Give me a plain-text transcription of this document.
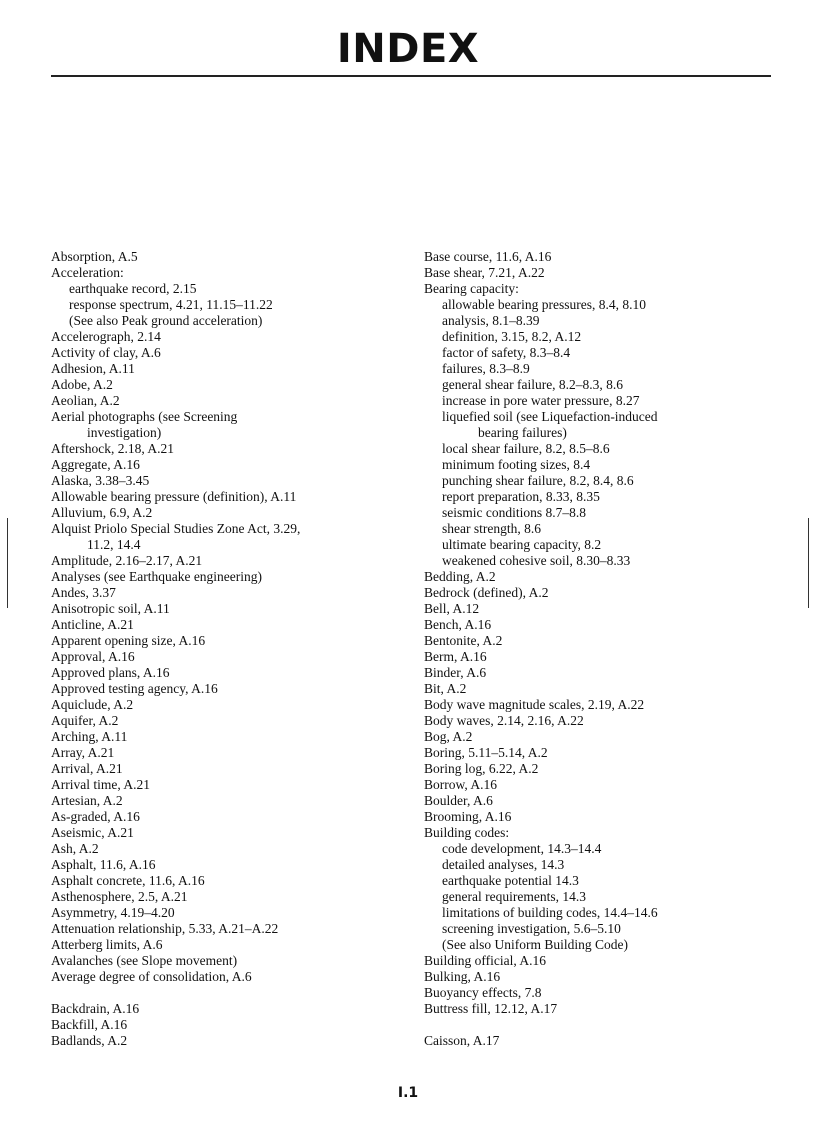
INDEX
Absorption, A.5
Acceleration:
earthquake record, 2.15
response spectrum, 4.21, 11.15–11.22
(See also Peak ground acceleration)
Accelerograph, 2.14
Activity of clay, A.6
Adhesion, A.11
Adobe, A.2
Aeolian, A.2
Aerial photographs (see Screening
investigation)
Aftershock, 2.18, A.21
Aggregate, A.16
Alaska, 3.38–3.45
Allowable bearing pressure (definition), A.11
Alluvium, 6.9, A.2
Alquist Priolo Special Studies Zone Act, 3.29,
11.2, 14.4
Amplitude, 2.16–2.17, A.21
Analyses (see Earthquake engineering)
Andes, 3.37
Anisotropic soil, A.11
Anticline, A.21
Apparent opening size, A.16
Approval, A.16
Approved plans, A.16
Approved testing agency, A.16
Aquiclude, A.2
Aquifer, A.2
Arching, A.11
Array, A.21
Arrival, A.21
Arrival time, A.21
Artesian, A.2
As-graded, A.16
Aseismic, A.21
Ash, A.2
Asphalt, 11.6, A.16
Asphalt concrete, 11.6, A.16
Asthenosphere, 2.5, A.21
Asymmetry, 4.19–4.20
Attenuation relationship, 5.33, A.21–A.22
Atterberg limits, A.6
Avalanches (see Slope movement)
Average degree of consolidation, A.6
Backdrain, A.16
Backfill, A.16
Badlands, A.2
Base course, 11.6, A.16
Base shear, 7.21, A.22
Bearing capacity:
allowable bearing pressures, 8.4, 8.10
analysis, 8.1–8.39
definition, 3.15, 8.2, A.12
factor of safety, 8.3–8.4
failures, 8.3–8.9
general shear failure, 8.2–8.3, 8.6
increase in pore water pressure, 8.27
liquefied soil (see Liquefaction-induced
bearing failures)
local shear failure, 8.2, 8.5–8.6
minimum footing sizes, 8.4
punching shear failure, 8.2, 8.4, 8.6
report preparation, 8.33, 8.35
seismic conditions 8.7–8.8
shear strength, 8.6
ultimate bearing capacity, 8.2
weakened cohesive soil, 8.30–8.33
Bedding, A.2
Bedrock (defined), A.2
Bell, A.12
Bench, A.16
Bentonite, A.2
Berm, A.16
Binder, A.6
Bit, A.2
Body wave magnitude scales, 2.19, A.22
Body waves, 2.14, 2.16, A.22
Bog, A.2
Boring, 5.11–5.14, A.2
Boring log, 6.22, A.2
Borrow, A.16
Boulder, A.6
Brooming, A.16
Building codes:
code development, 14.3–14.4
detailed analyses, 14.3
earthquake potential 14.3
general requirements, 14.3
limitations of building codes, 14.4–14.6
screening investigation, 5.6–5.10
(See also Uniform Building Code)
Building official, A.16
Bulking, A.16
Buoyancy effects, 7.8
Buttress fill, 12.12, A.17
Caisson, A.17
I.1
